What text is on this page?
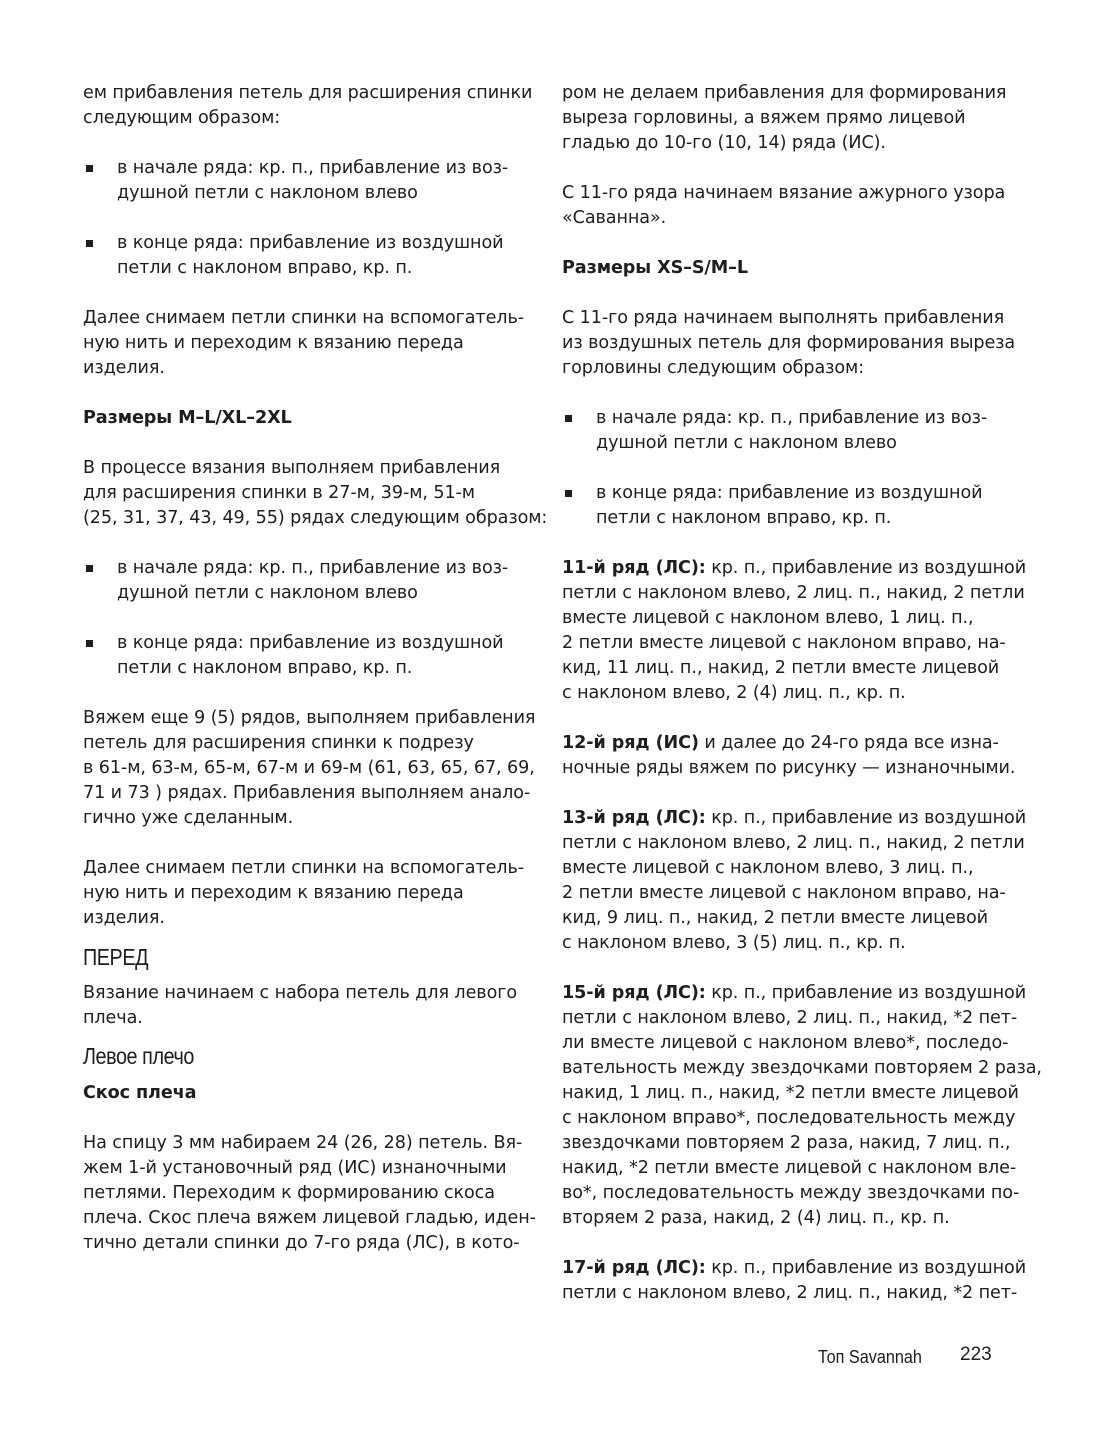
ем прибавления петель для расширения спинки
следующим образом:
в начале ряда: кр. п., прибавление из воз-
душной петли с наклоном влево
в конце ряда: прибавление из воздушной
петли с наклоном вправо, кр. п.
Далее снимаем петли спинки на вспомогатель-
ную нить и переходим к вязанию переда
изделия.
Размеры M–L/XL–2XL
В процессе вязания выполняем прибавления
для расширения спинки в 27-м, 39-м, 51-м
(25, 31, 37, 43, 49, 55) рядах следующим образом:
в начале ряда: кр. п., прибавление из воз-
душной петли с наклоном влево
в конце ряда: прибавление из воздушной
петли с наклоном вправо, кр. п.
Вяжем еще 9 (5) рядов, выполняем прибавления
петель для расширения спинки к подрезу
в 61-м, 63-м, 65-м, 67-м и 69-м (61, 63, 65, 67, 69,
71 и 73 ) рядах. Прибавления выполняем анало-
гично уже сделанным.
Далее снимаем петли спинки на вспомогатель-
ную нить и переходим к вязанию переда
изделия.
ПЕРЕД
Вязание начинаем с набора петель для левого
плеча.
Левое плечо
Скос плеча
На спицу 3 мм набираем 24 (26, 28) петель. Вя-
жем 1-й установочный ряд (ИС) изнаночными
петлями. Переходим к формированию скоса
плеча. Скос плеча вяжем лицевой гладью, иден-
тично детали спинки до 7-го ряда (ЛС), в кото-
ром не делаем прибавления для формирования
выреза горловины, а вяжем прямо лицевой
гладью до 10-го (10, 14) ряда (ИС).
С 11-го ряда начинаем вязание ажурного узора
«Саванна».
Размеры XS–S/M–L
С 11-го ряда начинаем выполнять прибавления
из воздушных петель для формирования выреза
горловины следующим образом:
в начале ряда: кр. п., прибавление из воз-
душной петли с наклоном влево
в конце ряда: прибавление из воздушной
петли с наклоном вправо, кр. п.
11-й ряд (ЛС): кр. п., прибавление из воздушной
петли с наклоном влево, 2 лиц. п., накид, 2 петли
вместе лицевой с наклоном влево, 1 лиц. п.,
2 петли вместе лицевой с наклоном вправо, на-
кид, 11 лиц. п., накид, 2 петли вместе лицевой
с наклоном влево, 2 (4) лиц. п., кр. п.
12-й ряд (ИС) и далее до 24-го ряда все изна-
ночные ряды вяжем по рисунку — изнаночными.
13-й ряд (ЛС): кр. п., прибавление из воздушной
петли с наклоном влево, 2 лиц. п., накид, 2 петли
вместе лицевой с наклоном влево, 3 лиц. п.,
2 петли вместе лицевой с наклоном вправо, на-
кид, 9 лиц. п., накид, 2 петли вместе лицевой
с наклоном влево, 3 (5) лиц. п., кр. п.
15-й ряд (ЛС): кр. п., прибавление из воздушной
петли с наклоном влево, 2 лиц. п., накид, *2 пет-
ли вместе лицевой с наклоном влево*, последо-
вательность между звездочками повторяем 2 раза,
накид, 1 лиц. п., накид, *2 петли вместе лицевой
с наклоном вправо*, последовательность между
звездочками повторяем 2 раза, накид, 7 лиц. п.,
накид, *2 петли вместе лицевой с наклоном вле-
во*, последовательность между звездочками по-
вторяем 2 раза, накид, 2 (4) лиц. п., кр. п.
17-й ряд (ЛС): кр. п., прибавление из воздушной
петли с наклоном влево, 2 лиц. п., накид, *2 пет-
Топ Savannah 223
